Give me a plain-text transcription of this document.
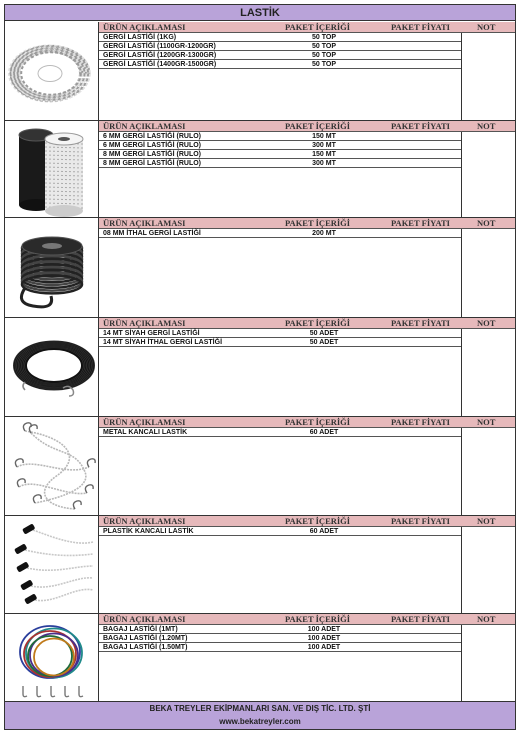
LASTİK
ÜRÜN AÇIKLAMASI	PAKET İÇERİĞİ	PAKET FİYATI	NOT
GERGİ LASTİĞİ (1KG)	50 TOP
GERGİ LASTİĞİ (1100GR-1200GR)	50 TOP
GERGİ LASTİĞİ (1200GR-1300GR)	50 TOP
GERGİ LASTİĞİ (1400GR-1500GR)	50 TOP
ÜRÜN AÇIKLAMASI	PAKET İÇERİĞİ	PAKET FİYATI	NOT
6 MM GERGİ LASTİĞİ (RULO)	150 MT
6 MM GERGİ LASTİĞİ (RULO)	300 MT
8 MM GERGİ LASTİĞİ (RULO)	150 MT
8 MM GERGİ LASTİĞİ (RULO)	300 MT
ÜRÜN AÇIKLAMASI	PAKET İÇERİĞİ	PAKET FİYATI	NOT
08 MM İTHAL GERGİ LASTİĞİ	200 MT
ÜRÜN AÇIKLAMASI	PAKET İÇERİĞİ	PAKET FİYATI	NOT
14 MT SİYAH GERGİ LASTİĞİ	50 ADET
14 MT SİYAH İTHAL GERGİ LASTİĞİ	50 ADET
ÜRÜN AÇIKLAMASI	PAKET İÇERİĞİ	PAKET FİYATI	NOT
METAL KANCALI LASTİK	60 ADET
ÜRÜN AÇIKLAMASI	PAKET İÇERİĞİ	PAKET FİYATI	NOT
PLASTİK KANCALI LASTİK	60 ADET
ÜRÜN AÇIKLAMASI	PAKET İÇERİĞİ	PAKET FİYATI	NOT
BAGAJ LASTİĞİ (1MT)	100 ADET
BAGAJ LASTİĞİ (1.20MT)	100 ADET
BAGAJ LASTİĞİ (1.50MT)	100 ADET
BEKA TREYLER EKİPMANLARI SAN. VE DIŞ TİC. LTD. ŞTİ
www.bekatreyler.com
